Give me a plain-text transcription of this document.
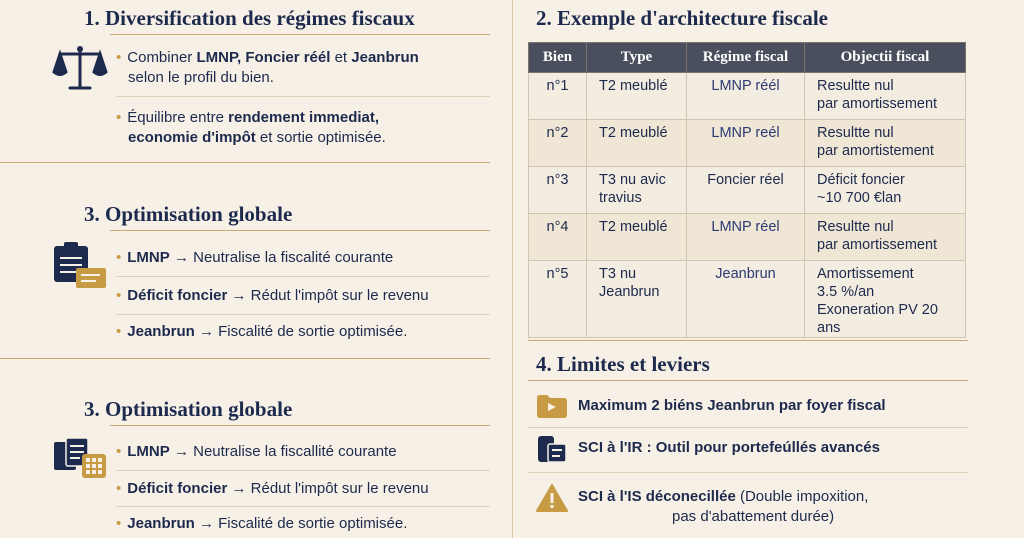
1. Diversification des régimes fiscaux
• Combiner LMNP, Foncier réél et Jeanbrun
selon le profil du bien.
• Équilibre entre rendement immediat,
economie d'impôt et sortie optimisée.
3. Optimisation globale
• LMNP → Neutralise la fiscalité courante
• Déficit foncier → Rédut l'impôt sur le revenu
• Jeanbrun → Fiscalité de sortie optimisée.
3. Optimisation globale
• LMNP → Neutralise la fiscallité courante
• Déficit foncier → Rédut l'impôt sur le revenu
• Jeanbrun → Fiscalité de sortie optimisée.
2. Exemple d'architecture fiscale
Bien	Type	Régime fiscal	Objectii fiscal
n°1	T2 meublé	LMNP réél	Resultte nul
par amortissement
n°2	T2 meublé	LMNP reél	Resultte nul
par amortistement
n°3	T3 nu avic
travius	Foncier réel	Déficit foncier
~10 700 €lan
n°4	T2 meublé	LMNP réel	Resultte nul
par amortissement
n°5	T3 nu
Jeanbrun	Jeanbrun	Amortissement
3.5 %/an
Exoneration PV 20 ans
4. Limites et leviers
Maximum 2 biéns Jeanbrun par foyer fiscal
SCI à l'IR : Outil pour portefeúllés avancés
SCI à l'IS déconecillée (Double impoxition,
pas d'abattement durée)
